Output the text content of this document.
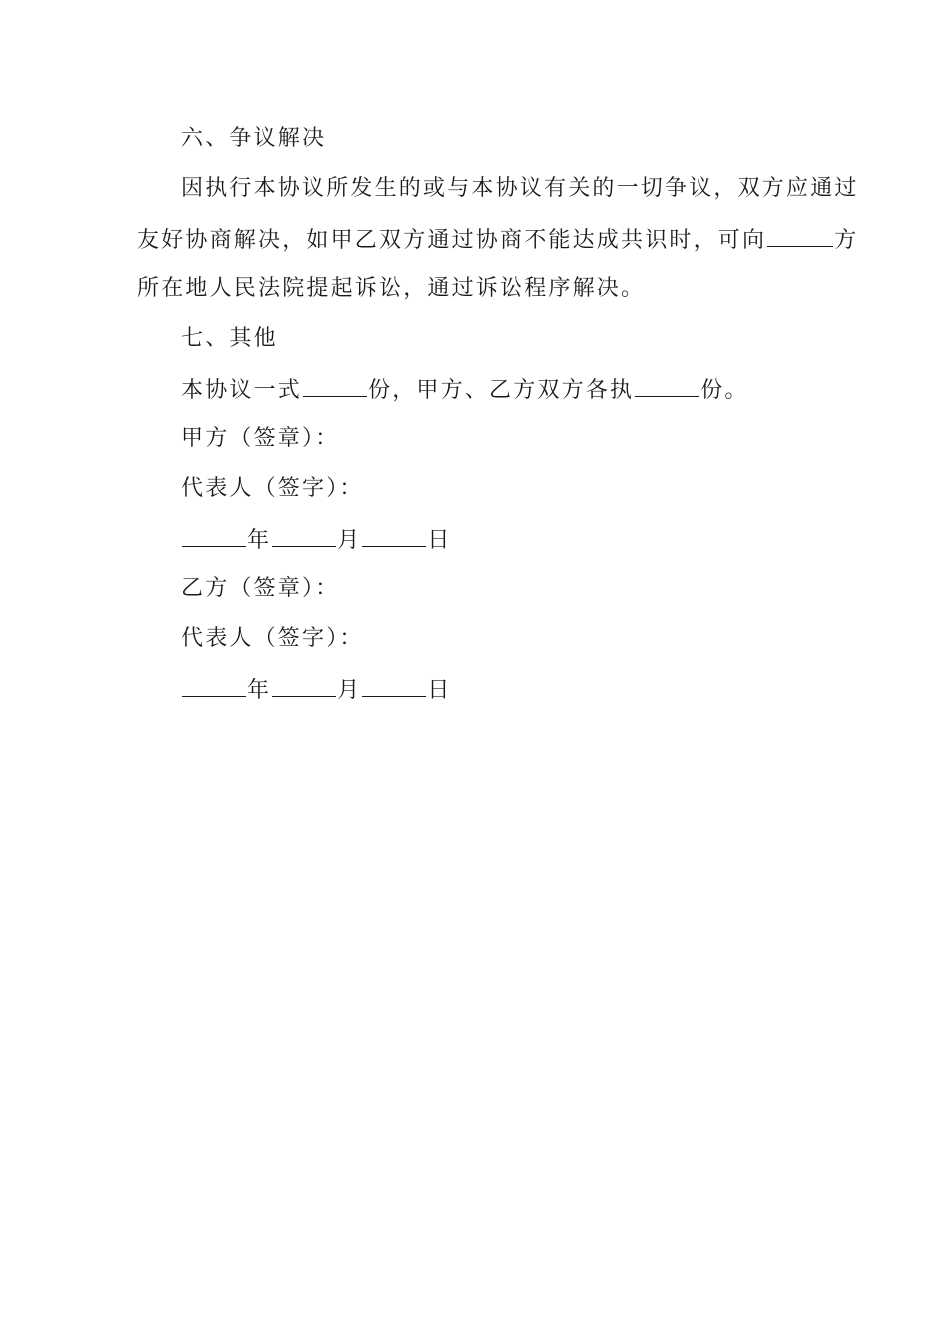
六、争议解决
因执行本协议所发生的或与本协议有关的一切争议，双方应通过
友好协商解决，如甲乙双方通过协商不能达成共识时，可向	方
所在地人民法院提起诉讼，通过诉讼程序解决。
七、其他
本协议一式	份，甲方、乙方双方各执	份。
甲方（签章）：
代表人（签字）：
年	月	日
乙方（签章）：
代表人（签字）：
年	月	日
